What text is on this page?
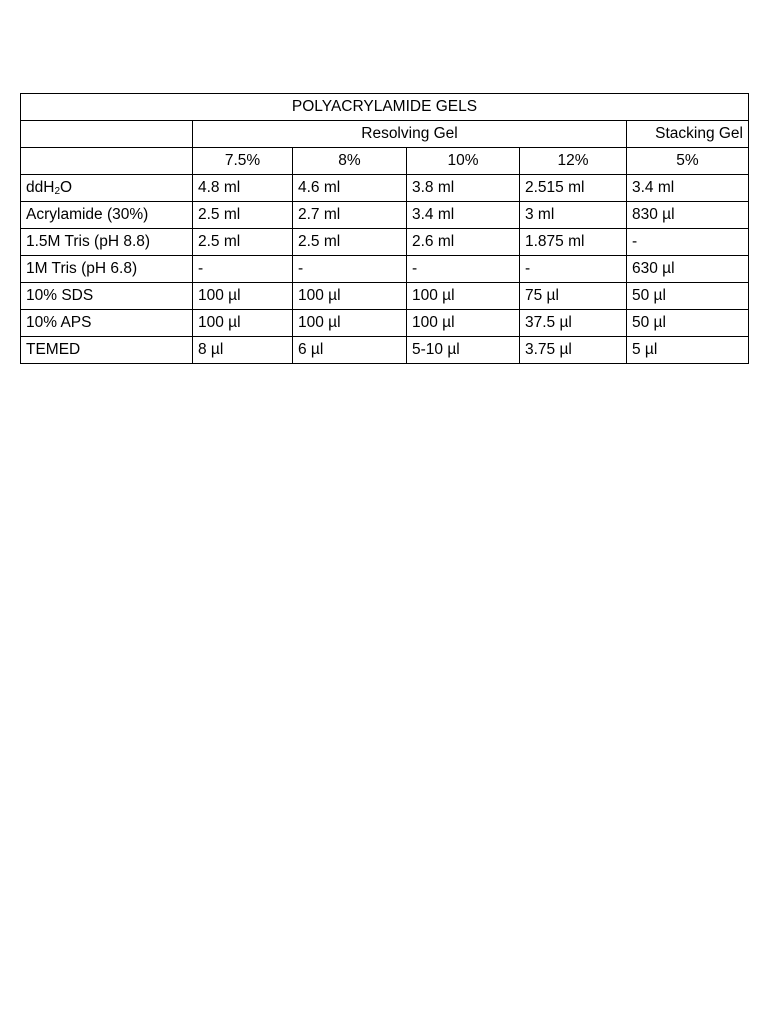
POLYACRYLAMIDE GELS					
	Resolving Gel				Stacking Gel
	7.5%	8%	10%	12%	5%
ddH$_2$O	4.8 ml	4.6 ml	3.8 ml	2.515 ml	3.4 ml
Acrylamide (30%)	2.5 ml	2.7 ml	3.4 ml	3 ml	830 µl
1.5M Tris (pH 8.8)	2.5 ml	2.5 ml	2.6 ml	1.875 ml	-
1M Tris (pH 6.8)	-	-	-	-	630 µl
10% SDS	100 µl	100 µl	100 µl	75 µl	50 µl
10% APS	100 µl	100 µl	100 µl	37.5 µl	50 µl
TEMED	8 µl	6 µl	5-10 µl	3.75 µl	5 µl
